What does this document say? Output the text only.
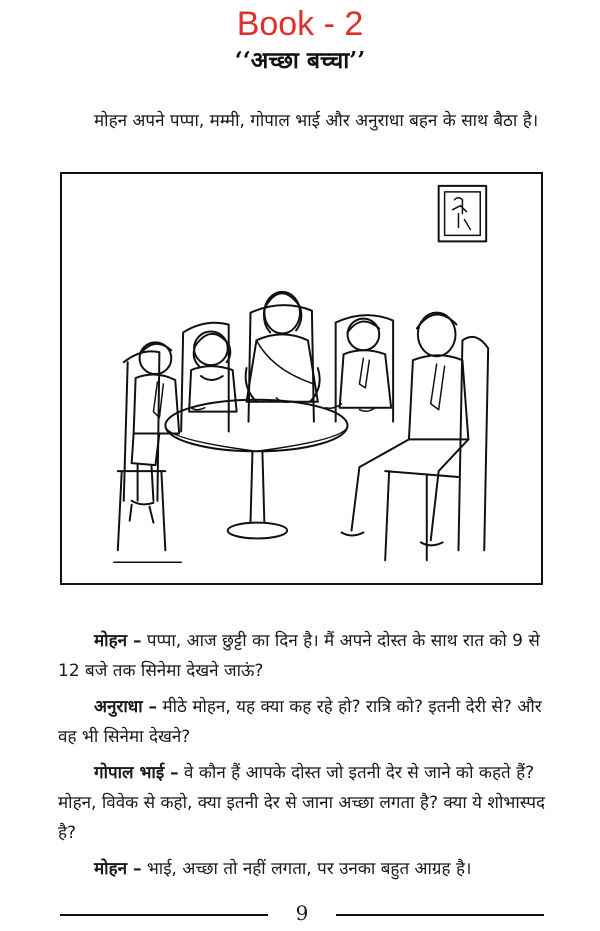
Book - 2
‘‘अच्छा बच्चा’’

मोहन अपने पप्पा, मम्मी, गोपाल भाई और अनुराधा बहन के साथ बैठा है।

मोहन – पप्पा, आज छुट्टी का दिन है। मैं अपने दोस्त के साथ रात को 9 से 12 बजे तक सिनेमा देखने जाऊं?

अनुराधा – मीठे मोहन, यह क्या कह रहे हो? रात्रि को? इतनी देरी से? और वह भी सिनेमा देखने?

गोपाल भाई – वे कौन हैं आपके दोस्त जो इतनी देर से जाने को कहते हैं? मोहन, विवेक से कहो, क्या इतनी देर से जाना अच्छा लगता है? क्या ये शोभास्पद है?

मोहन – भाई, अच्छा तो नहीं लगता, पर उनका बहुत आग्रह है।

9
